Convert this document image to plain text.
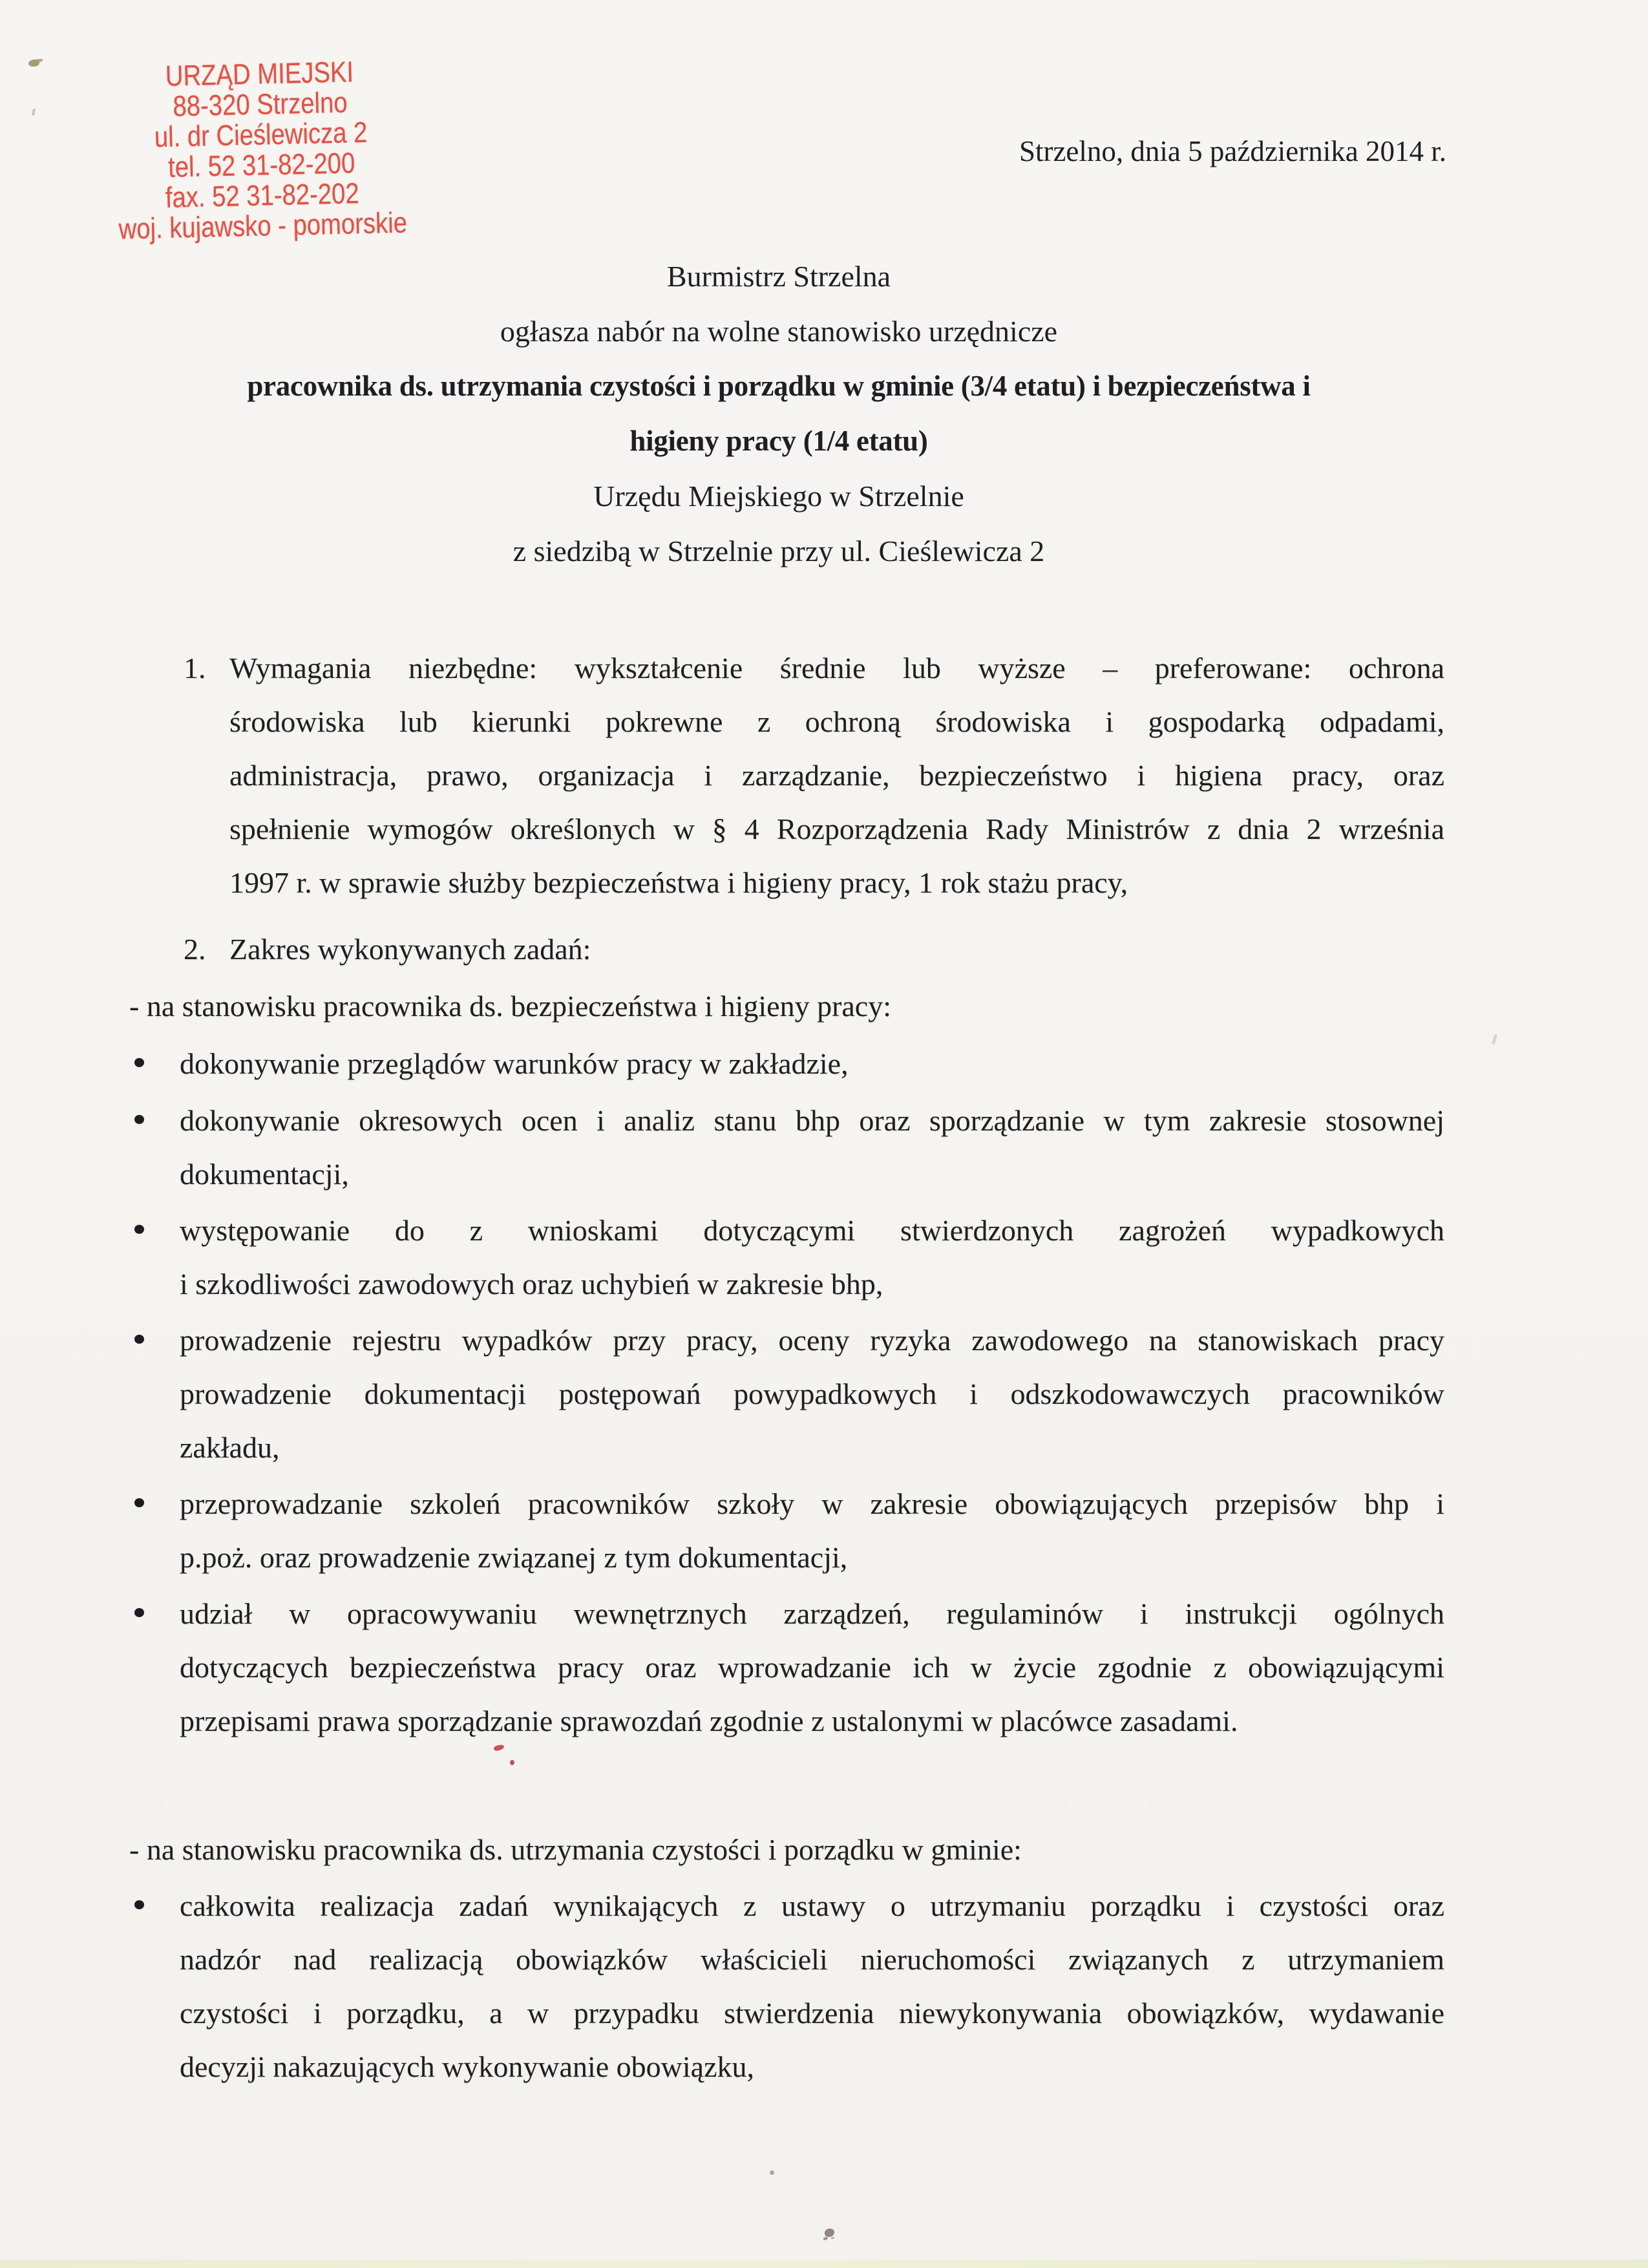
URZĄD MIEJSKI
88-320 Strzelno
ul. dr Cieślewicza 2
tel. 52 31-82-200
fax. 52 31-82-202
woj. kujawsko - pomorskie
Strzelno, dnia 5 października 2014 r.
Burmistrz Strzelna
ogłasza nabór na wolne stanowisko urzędnicze
pracownika ds. utrzymania czystości i porządku w gminie (3/4 etatu) i bezpieczeństwa i
higieny pracy (1/4 etatu)
Urzędu Miejskiego w Strzelnie
z siedzibą w Strzelnie przy ul. Cieślewicza 2
1. Wymagania niezbędne: wykształcenie średnie lub wyższe – preferowane: ochrona
środowiska lub kierunki pokrewne z ochroną środowiska i gospodarką odpadami,
administracja, prawo, organizacja i zarządzanie, bezpieczeństwo i higiena pracy, oraz
spełnienie wymogów określonych w § 4 Rozporządzenia Rady Ministrów z dnia 2 września
1997 r. w sprawie służby bezpieczeństwa i higieny pracy, 1 rok stażu pracy,
2. Zakres wykonywanych zadań:
- na stanowisku pracownika ds. bezpieczeństwa i higieny pracy:
dokonywanie przeglądów warunków pracy w zakładzie,
dokonywanie okresowych ocen i analiz stanu bhp oraz sporządzanie w tym zakresie stosownej
dokumentacji,
występowanie do z wnioskami dotyczącymi stwierdzonych zagrożeń wypadkowych
i szkodliwości zawodowych oraz uchybień w zakresie bhp,
prowadzenie rejestru wypadków przy pracy, oceny ryzyka zawodowego na stanowiskach pracy
prowadzenie dokumentacji postępowań powypadkowych i odszkodowawczych pracowników
zakładu,
przeprowadzanie szkoleń pracowników szkoły w zakresie obowiązujących przepisów bhp i
p.poż. oraz prowadzenie związanej z tym dokumentacji,
udział w opracowywaniu wewnętrznych zarządzeń, regulaminów i instrukcji ogólnych
dotyczących bezpieczeństwa pracy oraz wprowadzanie ich w życie zgodnie z obowiązującymi
przepisami prawa sporządzanie sprawozdań zgodnie z ustalonymi w placówce zasadami.
- na stanowisku pracownika ds. utrzymania czystości i porządku w gminie:
całkowita realizacja zadań wynikających z ustawy o utrzymaniu porządku i czystości oraz
nadzór nad realizacją obowiązków właścicieli nieruchomości związanych z utrzymaniem
czystości i porządku, a w przypadku stwierdzenia niewykonywania obowiązków, wydawanie
decyzji nakazujących wykonywanie obowiązku,
